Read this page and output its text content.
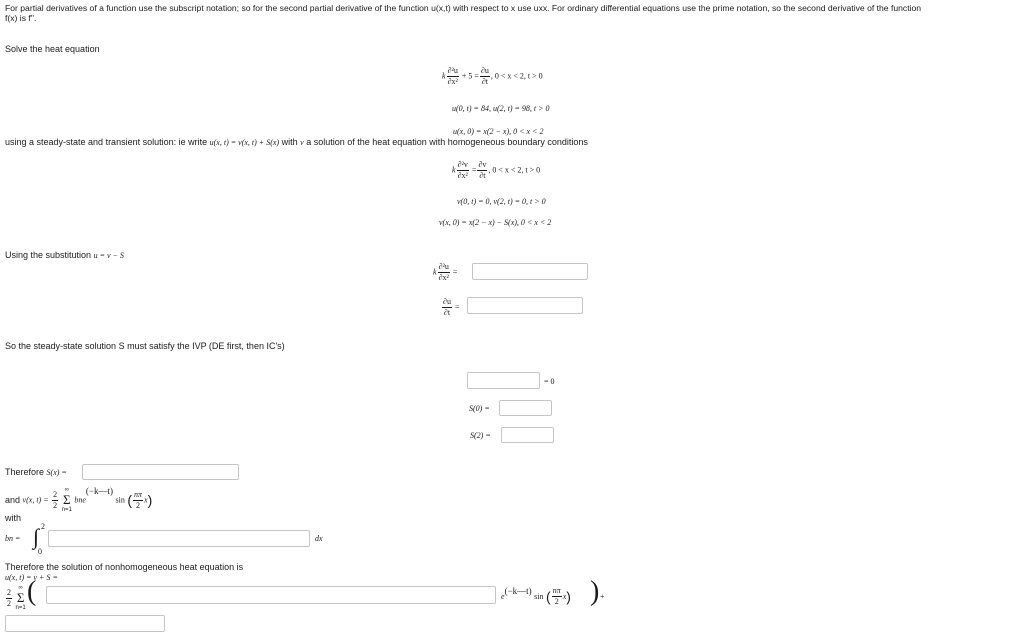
For partial derivatives of a function use the subscript notation; so for the second partial derivative of the function u(x,t) with respect to x use uxx. For ordinary differential equations use the prime notation, so the second derivative of the function
f(x) is f''.
Solve the heat equation
k $\frac{\text{∂²u}}{\text{∂x²}} + 5 = \frac{\partial u}{\partial t}$ , 0 < x < 2, t > 0
u(0, t) = 84, u(2, t) = 98, t > 0
u(x, 0) = x(2 − x), 0 < x < 2
using a steady-state and transient solution: ie write u(x, t) = v(x, t) + S(x) with v a solution of the heat equation with homogeneous boundary conditions
k $\frac{\text{∂²v}}{\text{∂x²}} = \frac{\partial v}{\partial t}$ , 0 < x < 2, t > 0
v(0, t) = 0, v(2, t) = 0, t > 0
v(x, 0) = x(2 − x) − S(x), 0 < x < 2
Using the substitution u = v − S
k $\frac{\text{∂²u}}{\text{∂x²}}$ =
$\frac{\partial u}{\partial t}$ =
So the steady-state solution S must satisfy the IVP (DE first, then IC's)
= 0
S(0) =
S(2) =
Therefore S(x) =
and v(x, $t) = \frac{2}{2}$
∞
Σ
n=1
bne(−k—t) sin ( $\frac{n\pi}{2} x$)
with
bn = ∫ 2
0
dx
Therefore the solution of nonhomogeneous heat equation is
u(x, t) = v + S =
$\frac{2}{2}$
∞
Σ
n=1
(	e(−k—t) sin ( $\frac{n\pi}{2} x$) ) +
